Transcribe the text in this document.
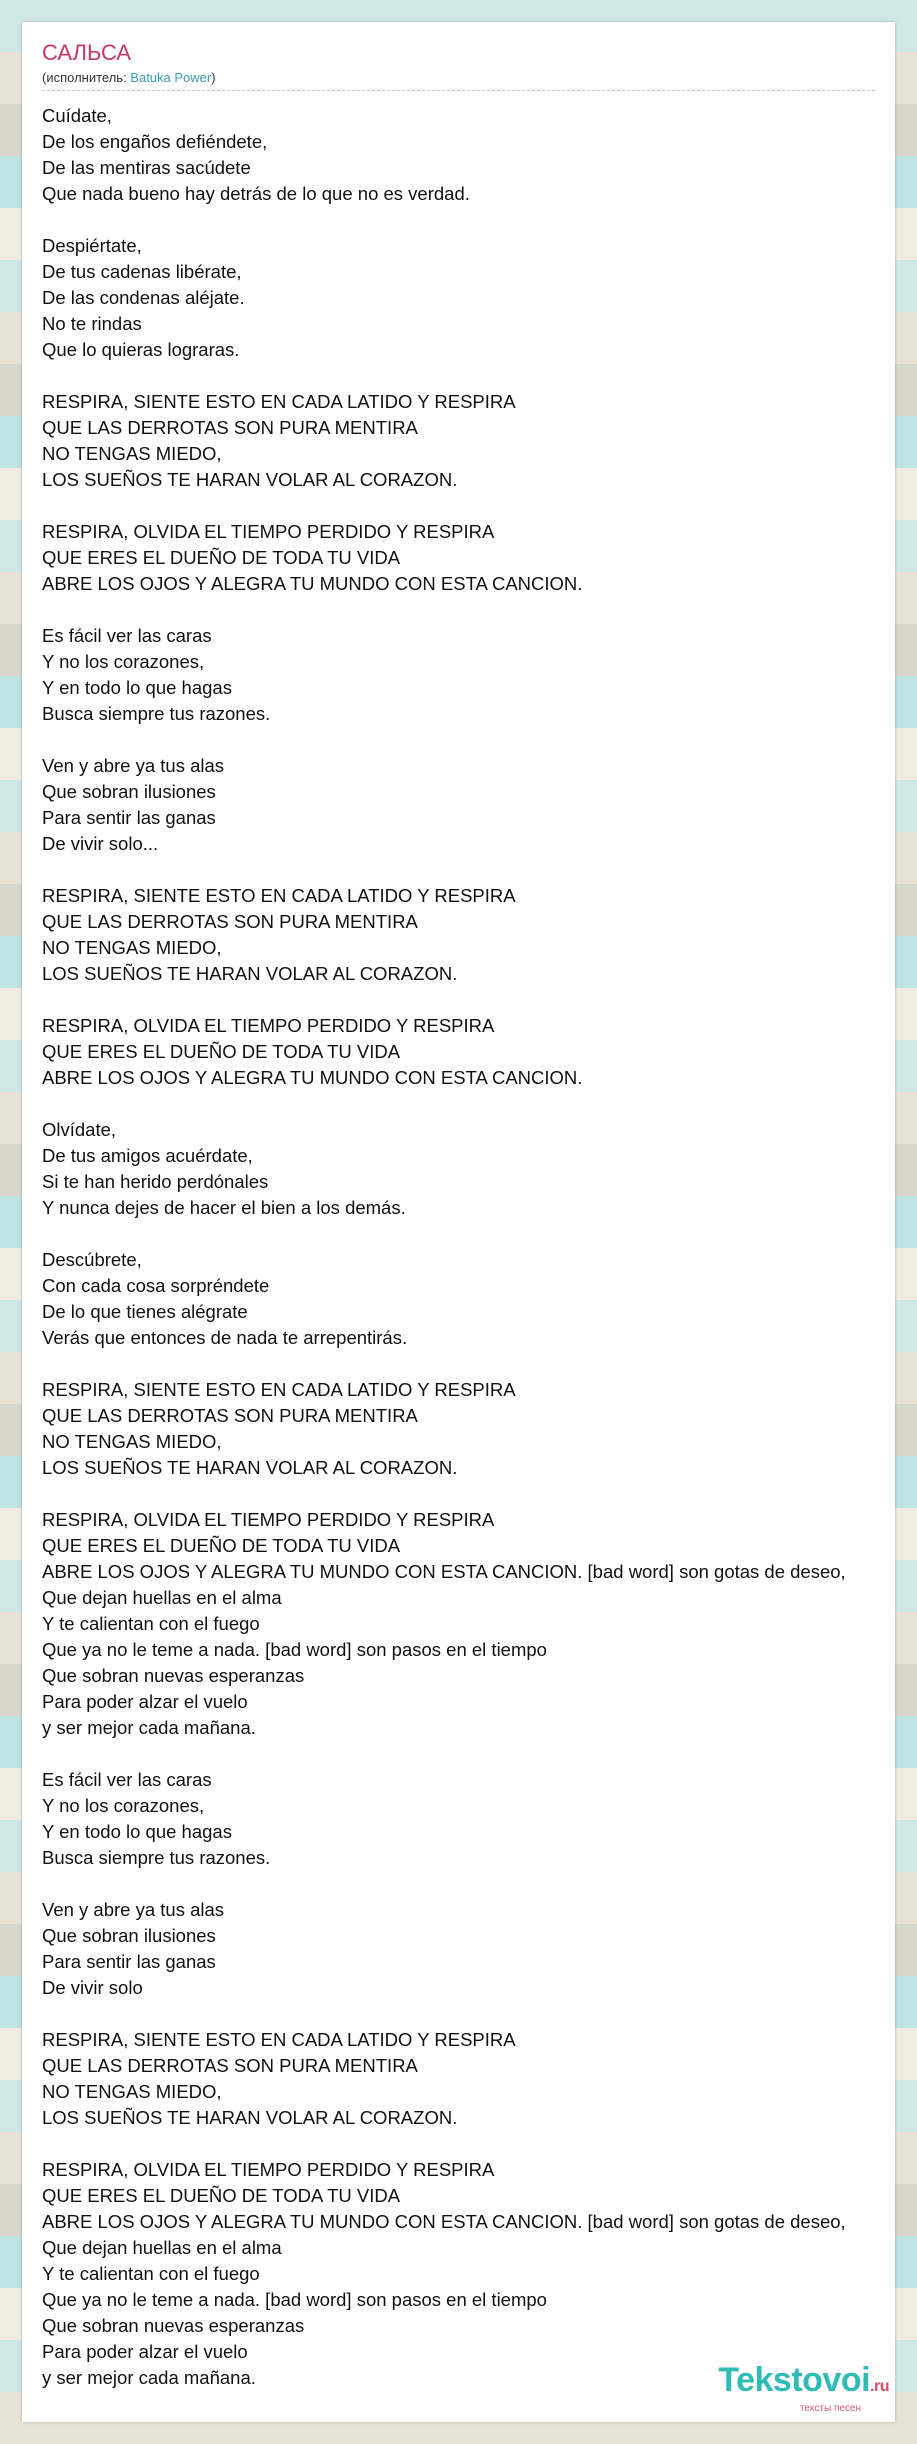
САЛЬСА
(исполнитель: Batuka Power)
Cuídate,
De los engaños defiéndete,
De las mentiras sacúdete
Que nada bueno hay detrás de lo que no es verdad.

Despiértate,
De tus cadenas libérate,
De las condenas aléjate.
No te rindas
Que lo quieras lograras.

RESPIRA, SIENTE ESTO EN CADA LATIDO Y RESPIRA
QUE LAS DERROTAS SON PURA MENTIRA
NO TENGAS MIEDO,
LOS SUEÑOS TE HARAN VOLAR AL CORAZON.

RESPIRA, OLVIDA EL TIEMPO PERDIDO Y RESPIRA
QUE ERES EL DUEÑO DE TODA TU VIDA
ABRE LOS OJOS Y ALEGRA TU MUNDO CON ESTA CANCION.

Es fácil ver las caras
Y no los corazones,
Y en todo lo que hagas
Busca siempre tus razones.

Ven y abre ya tus alas
Que sobran ilusiones
Para sentir las ganas
De vivir solo...

RESPIRA, SIENTE ESTO EN CADA LATIDO Y RESPIRA
QUE LAS DERROTAS SON PURA MENTIRA
NO TENGAS MIEDO,
LOS SUEÑOS TE HARAN VOLAR AL CORAZON.

RESPIRA, OLVIDA EL TIEMPO PERDIDO Y RESPIRA
QUE ERES EL DUEÑO DE TODA TU VIDA
ABRE LOS OJOS Y ALEGRA TU MUNDO CON ESTA CANCION.

Olvídate,
De tus amigos acuérdate,
Si te han herido perdónales
Y nunca dejes de hacer el bien a los demás.

Descúbrete,
Con cada cosa sorpréndete
De lo que tienes alégrate
Verás que entonces de nada te arrepentirás.

RESPIRA, SIENTE ESTO EN CADA LATIDO Y RESPIRA
QUE LAS DERROTAS SON PURA MENTIRA
NO TENGAS MIEDO,
LOS SUEÑOS TE HARAN VOLAR AL CORAZON.

RESPIRA, OLVIDA EL TIEMPO PERDIDO Y RESPIRA
QUE ERES EL DUEÑO DE TODA TU VIDA
ABRE LOS OJOS Y ALEGRA TU MUNDO CON ESTA CANCION. [bad word] son gotas de deseo,
Que dejan huellas en el alma
Y te calientan con el fuego
Que ya no le teme a nada. [bad word] son pasos en el tiempo
Que sobran nuevas esperanzas
Para poder alzar el vuelo
y ser mejor cada mañana.

Es fácil ver las caras
Y no los corazones,
Y en todo lo que hagas
Busca siempre tus razones.

Ven y abre ya tus alas
Que sobran ilusiones
Para sentir las ganas
De vivir solo

RESPIRA, SIENTE ESTO EN CADA LATIDO Y RESPIRA
QUE LAS DERROTAS SON PURA MENTIRA
NO TENGAS MIEDO,
LOS SUEÑOS TE HARAN VOLAR AL CORAZON.

RESPIRA, OLVIDA EL TIEMPO PERDIDO Y RESPIRA
QUE ERES EL DUEÑO DE TODA TU VIDA
ABRE LOS OJOS Y ALEGRA TU MUNDO CON ESTA CANCION. [bad word] son gotas de deseo,
Que dejan huellas en el alma
Y te calientan con el fuego
Que ya no le teme a nada. [bad word] son pasos en el tiempo
Que sobran nuevas esperanzas
Para poder alzar el vuelo
y ser mejor cada mañana.	Tekstovoi.ru
тексты песен
